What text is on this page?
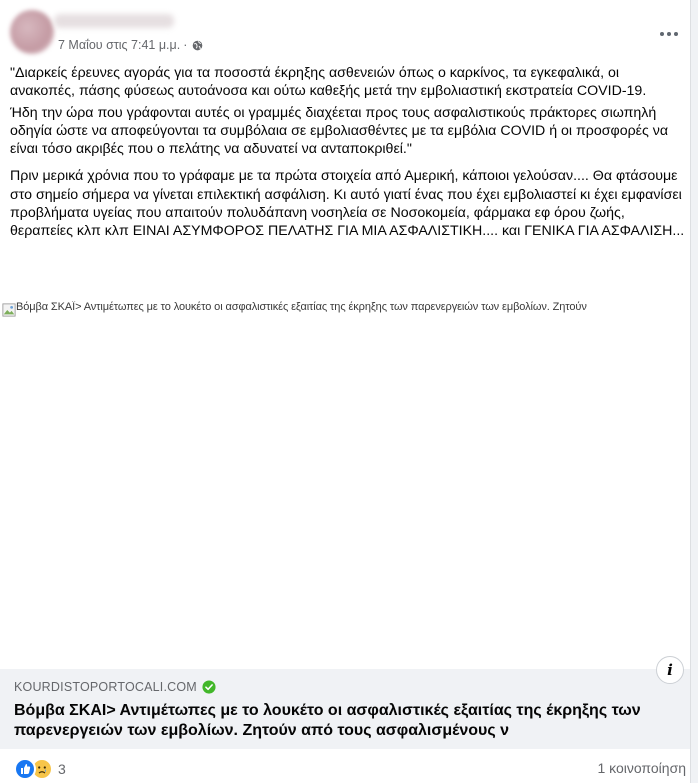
7 Μαΐου στις 7:41 μ.μ. ·

"Διαρκείς έρευνες αγοράς για τα ποσοστά έκρηξης ασθενειών όπως ο καρκίνος, τα εγκεφαλικά, οι ανακοπές, πάσης φύσεως αυτοάνοσα και ούτω καθεξής μετά την εμβολιαστική εκστρατεία COVID-19.

Ήδη την ώρα που γράφονται αυτές οι γραμμές διαχέεται προς τους ασφαλιστικούς πράκτορες σιωπηλή οδηγία ώστε να αποφεύγονται τα συμβόλαια σε εμβολιασθέντες με τα εμβόλια COVID ή οι προσφορές να είναι τόσο ακριβές που ο πελάτης να αδυνατεί να ανταποκριθεί."

Πριν μερικά χρόνια που το γράφαμε με τα πρώτα στοιχεία από Αμερική, κάποιοι γελούσαν.... Θα φτάσουμε στο σημείο σήμερα να γίνεται επιλεκτική ασφάλιση. Κι αυτό γιατί ένας που έχει εμβολιαστεί κι έχει εμφανίσει προβλήματα υγείας που απαιτούν πολυδάπανη νοσηλεία σε Νοσοκομεία, φάρμακα εφ όρου ζωής, θεραπείες κλπ κλπ ΕΙΝΑΙ ΑΣΥΜΦΟΡΟΣ ΠΕΛΑΤΗΣ ΓΙΑ ΜΙΑ ΑΣΦΑΛΙΣΤΙΚΗ.... και ΓΕΝΙΚΑ ΓΙΑ ΑΣΦΑΛΙΣΗ...

Βόμβα ΣΚΑΪ> Αντιμέτωπες με το λουκέτο οι ασφαλιστικές εξαιτίας της έκρηξης των παρενεργειών των εμβολίων. Ζητούν
i
KOURDISTOPORTOCALI.COM
Βόμβα ΣΚΑΙ> Αντιμέτωπες με το λουκέτο οι ασφαλιστικές εξαιτίας της έκρηξης των παρενεργειών των εμβολίων. Ζητούν από τους ασφαλισμένους ν
3	1 κοινοποίηση
